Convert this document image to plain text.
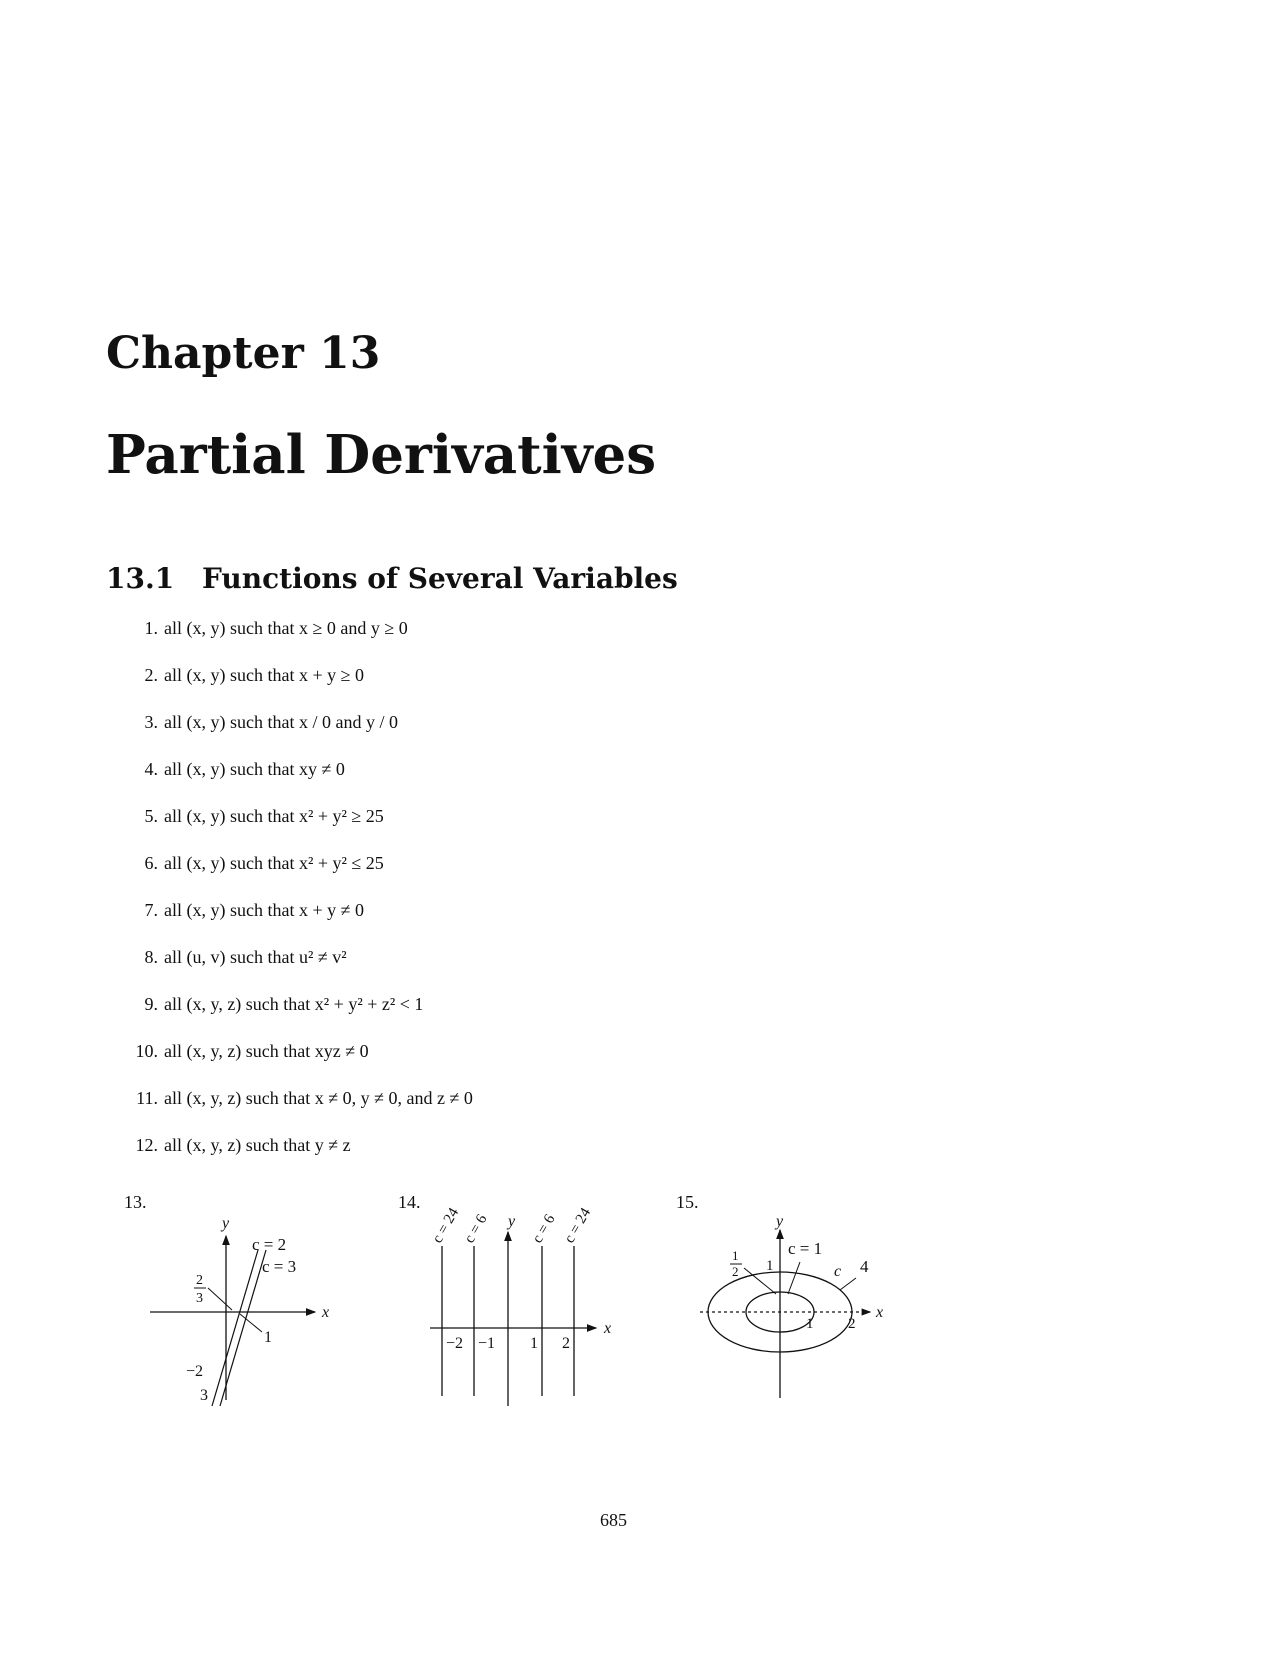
Chapter 13
Partial Derivatives
13.1 Functions of Several Variables
1. all (x, y) such that x ≥ 0 and y ≥ 0
2. all (x, y) such that x + y ≥ 0
3. all (x, y) such that x / 0 and y / 0
4. all (x, y) such that xy ≠ 0
5. all (x, y) such that x² + y² ≥ 25
6. all (x, y) such that x² + y² ≤ 25
7. all (x, y) such that x + y ≠ 0
8. all (u, v) such that u² ≠ v²
9. all (x, y, z) such that x² + y² + z² < 1
10. all (x, y, z) such that xyz ≠ 0
11. all (x, y, z) such that x ≠ 0, y ≠ 0, and z ≠ 0
12. all (x, y, z) such that y ≠ z
13.
x
y
c = 2
c = 3
2
3
1
−2
3
14.
x
y
c = 24 c = 6	c = 6 c = 24
−2 −1 1 2
15.
x
y
1
2 1
c = 1
c 4
1 2
685
